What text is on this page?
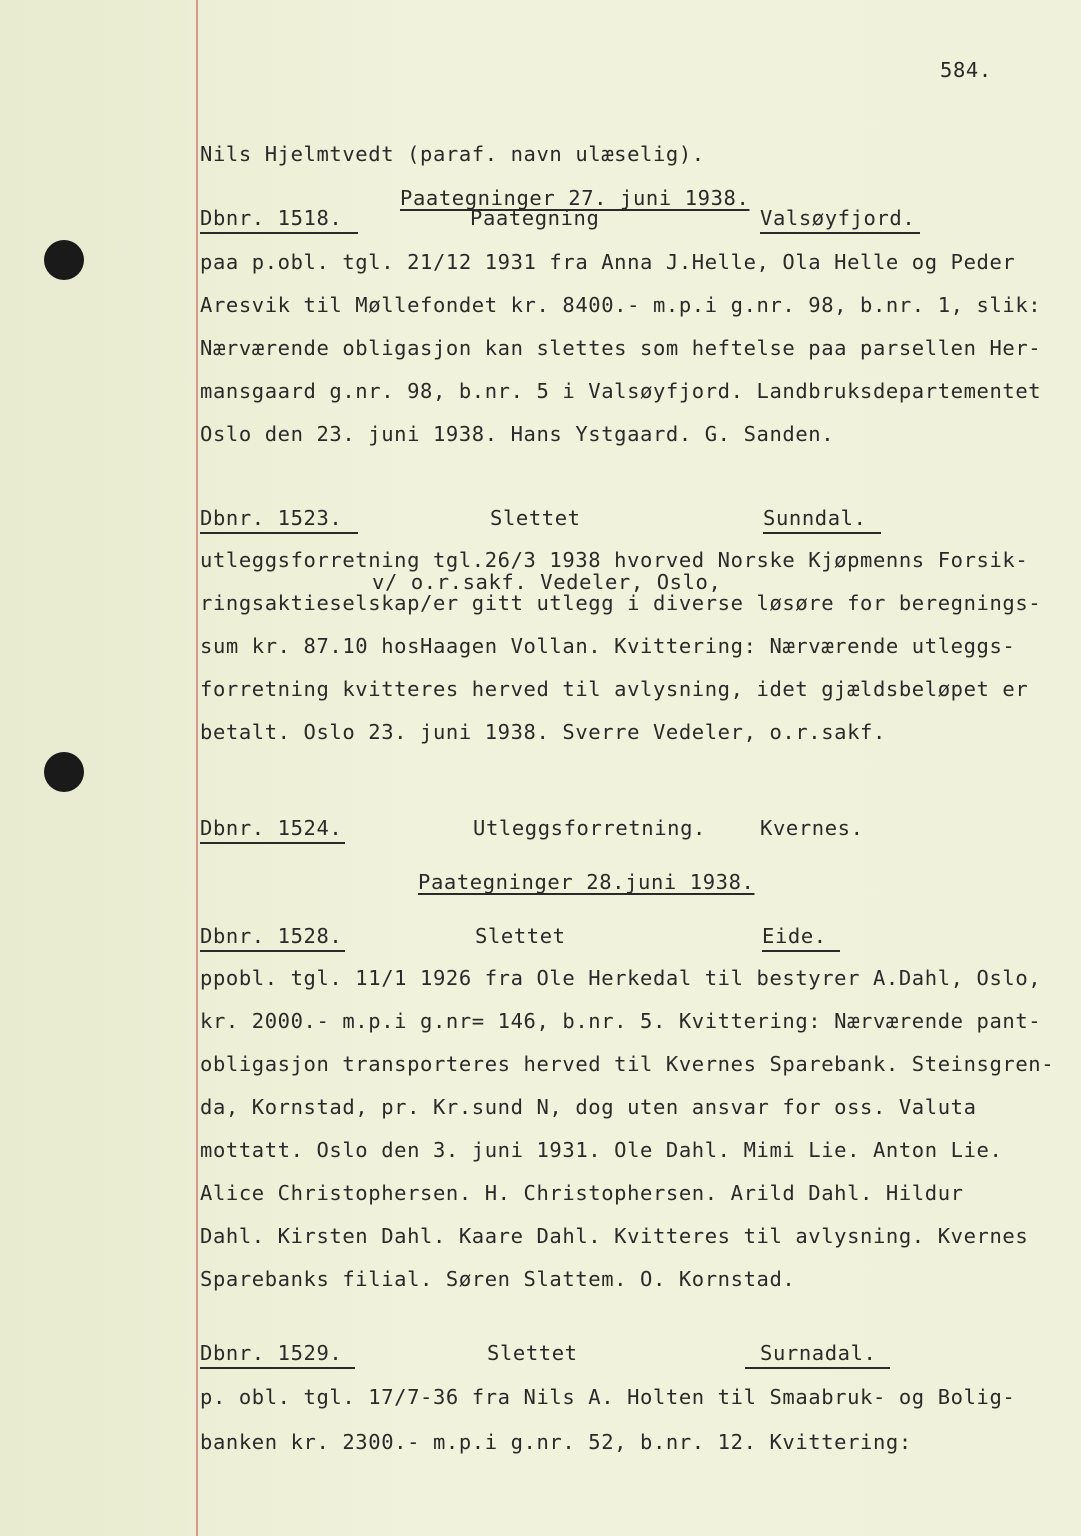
584.
Nils Hjelmtvedt (paraf. navn ulæselig).
Paategninger 27. juni 1938.
Dbnr. 1518.	Paategning	Valsøyfjord.
paa p.obl. tgl. 21/12 1931 fra Anna J.Helle, Ola Helle og Peder
Aresvik til Møllefondet kr. 8400.- m.p.i g.nr. 98, b.nr. 1, slik:
Nærværende obligasjon kan slettes som heftelse paa parsellen Her-
mansgaard g.nr. 98, b.nr. 5 i Valsøyfjord. Landbruksdepartementet
Oslo den 23. juni 1938. Hans Ystgaard. G. Sanden.
Dbnr. 1523.	Slettet	Sunndal.
utleggsforretning tgl.26/3 1938 hvorved Norske Kjøpmenns Forsik-
v/ o.r.sakf. Vedeler, Oslo,
ringsaktieselskap/er gitt utlegg i diverse løsøre for beregnings-
sum kr. 87.10 hosHaagen Vollan. Kvittering: Nærværende utleggs-
forretning kvitteres herved til avlysning, idet gjældsbeløpet er
betalt. Oslo 23. juni 1938. Sverre Vedeler, o.r.sakf.
Dbnr. 1524.	Utleggsforretning.	Kvernes.
Paategninger 28.juni 1938.
Dbnr. 1528.	Slettet	Eide.
ppobl. tgl. 11/1 1926 fra Ole Herkedal til bestyrer A.Dahl, Oslo,
kr. 2000.- m.p.i g.nr= 146, b.nr. 5. Kvittering: Nærværende pant-
obligasjon transporteres herved til Kvernes Sparebank. Steinsgren-
da, Kornstad, pr. Kr.sund N, dog uten ansvar for oss. Valuta
mottatt. Oslo den 3. juni 1931. Ole Dahl. Mimi Lie. Anton Lie.
Alice Christophersen. H. Christophersen. Arild Dahl. Hildur
Dahl. Kirsten Dahl. Kaare Dahl. Kvitteres til avlysning. Kvernes
Sparebanks filial. Søren Slattem. O. Kornstad.
Dbnr. 1529.	Slettet	Surnadal.
p. obl. tgl. 17/7-36 fra Nils A. Holten til Smaabruk- og Bolig-
banken kr. 2300.- m.p.i g.nr. 52, b.nr. 12. Kvittering:
